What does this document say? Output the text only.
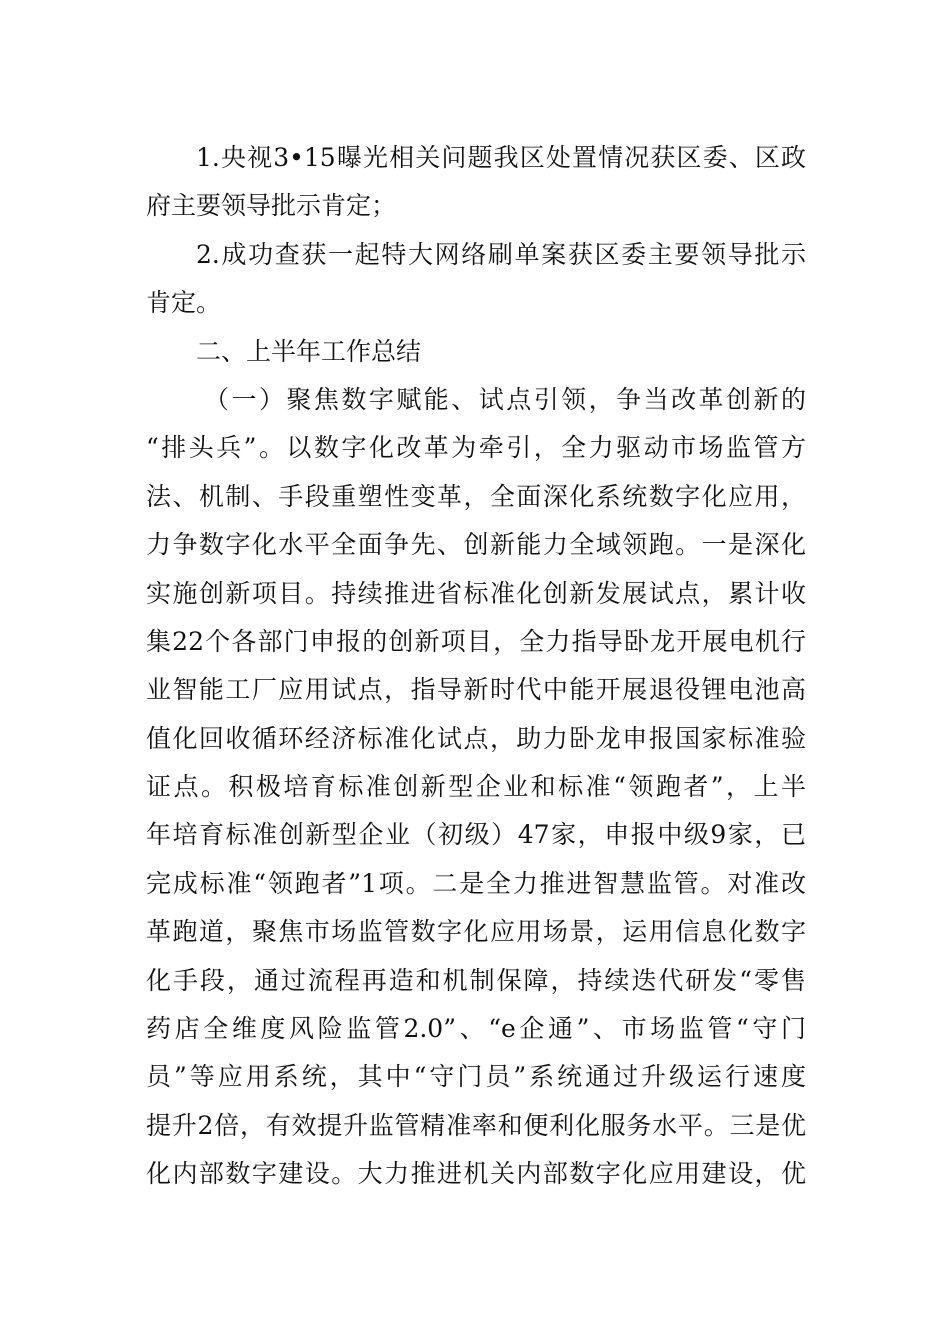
1.央视3•15曝光相关问题我区处置情况获区委、区政
府主要领导批示肯定；
2.成功查获一起特大网络刷单案获区委主要领导批示
肯定。
二、上半年工作总结
（一）聚焦数字赋能、试点引领，争当改革创新的
“排头兵”。以数字化改革为牵引，全力驱动市场监管方
法、机制、手段重塑性变革，全面深化系统数字化应用，
力争数字化水平全面争先、创新能力全域领跑。一是深化
实施创新项目。持续推进省标准化创新发展试点，累计收
集22个各部门申报的创新项目，全力指导卧龙开展电机行
业智能工厂应用试点，指导新时代中能开展退役锂电池高
值化回收循环经济标准化试点，助力卧龙申报国家标准验
证点。积极培育标准创新型企业和标准“领跑者”，上半
年培育标准创新型企业（初级）47家，申报中级9家，已
完成标准“领跑者”1项。二是全力推进智慧监管。对准改
革跑道，聚焦市场监管数字化应用场景，运用信息化数字
化手段，通过流程再造和机制保障，持续迭代研发“零售
药店全维度风险监管2.0”、“e企通”、市场监管“守门
员”等应用系统，其中“守门员”系统通过升级运行速度
提升2倍，有效提升监管精准率和便利化服务水平。三是优
化内部数字建设。大力推进机关内部数字化应用建设，优
